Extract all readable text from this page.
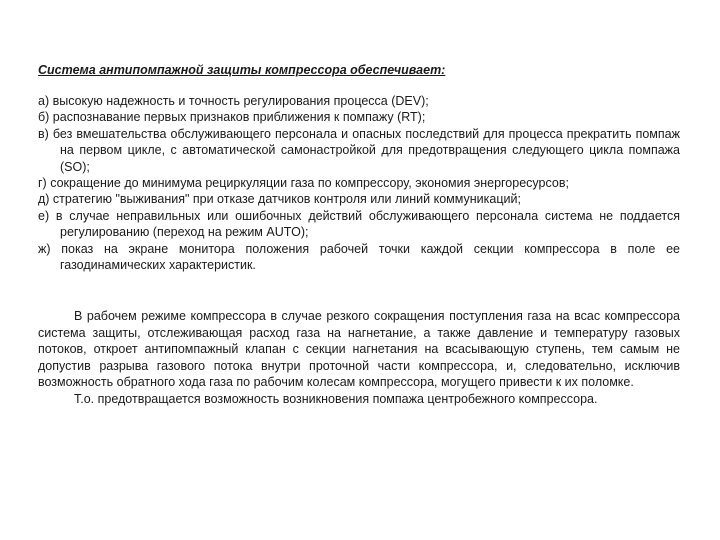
Система антипомпажной защиты компрессора обеспечивает:

а) высокую надежность и точность регулирования процесса (DEV);
б) распознавание первых признаков приближения к помпажу (RT);
в) без вмешательства обслуживающего персонала и опасных последствий для процесса прекратить помпаж на первом цикле, с автоматической самонастройкой для предотвращения следующего цикла помпажа (SO);
г) сокращение до минимума рециркуляции газа по компрессору, экономия энергоресурсов;
д) стратегию "выживания" при отказе датчиков контроля или линий коммуникаций;
е) в случае неправильных или ошибочных действий обслуживающего персонала система не поддается регулированию (переход на режим AUTO);
ж) показ на экране монитора положения рабочей точки каждой секции компрессора в поле ее газодинамических характеристик.

В рабочем режиме компрессора в случае резкого сокращения поступления газа на всас компрессора система защиты, отслеживающая расход газа на нагнетание, а также давление и температуру газовых потоков, откроет антипомпажный клапан с секции нагнетания на всасывающую ступень, тем самым не допустив разрыва газового потока внутри проточной части компрессора, и, следовательно, исключив возможность обратного хода газа по рабочим колесам компрессора, могущего привести к их поломке.

Т.о. предотвращается возможность возникновения помпажа центробежного компрессора.
